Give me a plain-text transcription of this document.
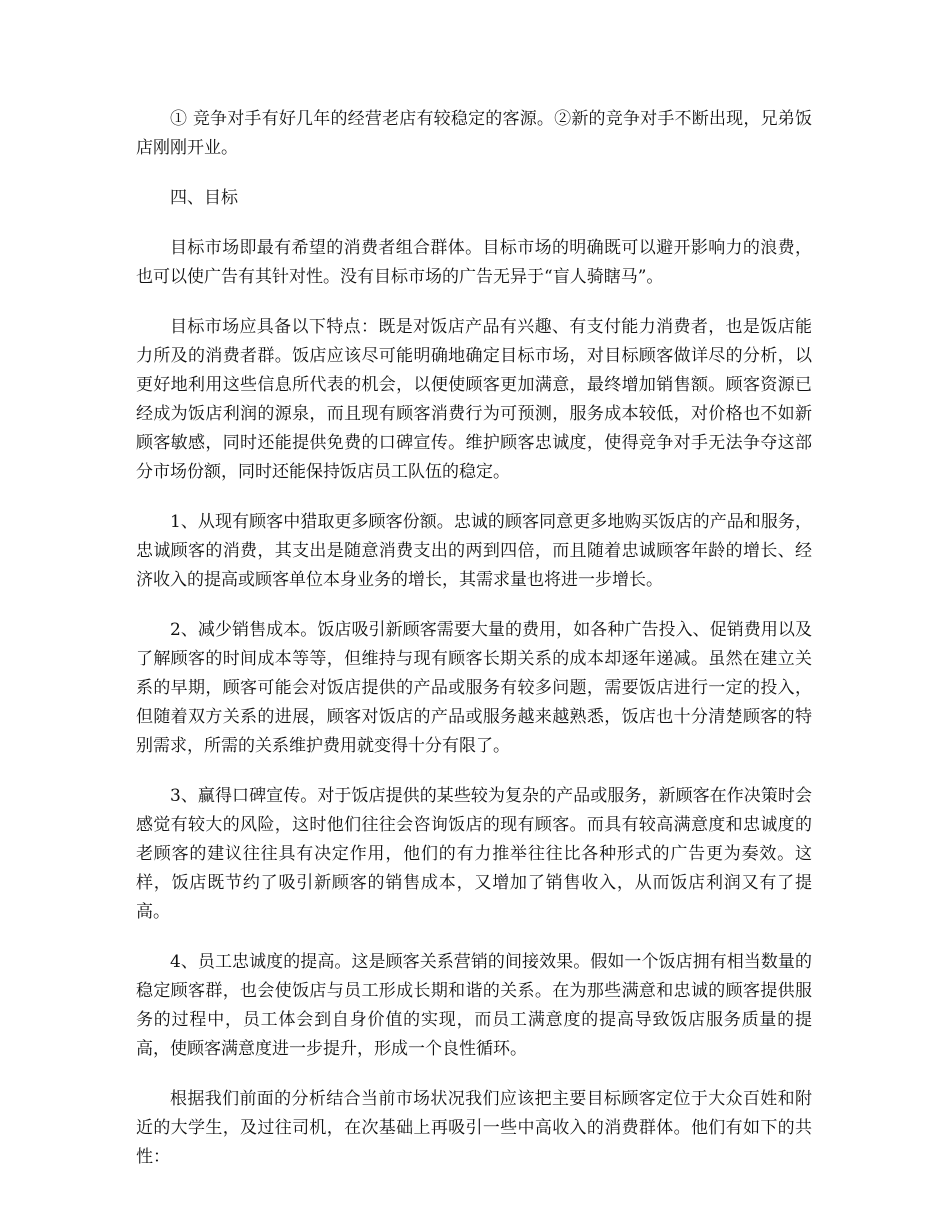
① 竞争对手有好几年的经营老店有较稳定的客源。②新的竞争对手不断出现，兄弟饭店刚刚开业。

四、目标

目标市场即最有希望的消费者组合群体。目标市场的明确既可以避开影响力的浪费，也可以使广告有其针对性。没有目标市场的广告无异于“盲人骑瞎马”。

目标市场应具备以下特点：既是对饭店产品有兴趣、有支付能力消费者，也是饭店能力所及的消费者群。饭店应该尽可能明确地确定目标市场，对目标顾客做详尽的分析，以更好地利用这些信息所代表的机会，以便使顾客更加满意，最终增加销售额。顾客资源已经成为饭店利润的源泉，而且现有顾客消费行为可预测，服务成本较低，对价格也不如新顾客敏感，同时还能提供免费的口碑宣传。维护顾客忠诚度，使得竞争对手无法争夺这部分市场份额，同时还能保持饭店员工队伍的稳定。

1、从现有顾客中猎取更多顾客份额。忠诚的顾客同意更多地购买饭店的产品和服务，忠诚顾客的消费，其支出是随意消费支出的两到四倍，而且随着忠诚顾客年龄的增长、经济收入的提高或顾客单位本身业务的增长，其需求量也将进一步增长。

2、减少销售成本。饭店吸引新顾客需要大量的费用，如各种广告投入、促销费用以及了解顾客的时间成本等等，但维持与现有顾客长期关系的成本却逐年递减。虽然在建立关系的早期，顾客可能会对饭店提供的产品或服务有较多问题，需要饭店进行一定的投入，但随着双方关系的进展，顾客对饭店的产品或服务越来越熟悉，饭店也十分清楚顾客的特别需求，所需的关系维护费用就变得十分有限了。

3、赢得口碑宣传。对于饭店提供的某些较为复杂的产品或服务，新顾客在作决策时会感觉有较大的风险，这时他们往往会咨询饭店的现有顾客。而具有较高满意度和忠诚度的老顾客的建议往往具有决定作用，他们的有力推举往往比各种形式的广告更为奏效。这样，饭店既节约了吸引新顾客的销售成本，又增加了销售收入，从而饭店利润又有了提高。

4、员工忠诚度的提高。这是顾客关系营销的间接效果。假如一个饭店拥有相当数量的稳定顾客群，也会使饭店与员工形成长期和谐的关系。在为那些满意和忠诚的顾客提供服务的过程中，员工体会到自身价值的实现，而员工满意度的提高导致饭店服务质量的提高，使顾客满意度进一步提升，形成一个良性循环。

根据我们前面的分析结合当前市场状况我们应该把主要目标顾客定位于大众百姓和附近的大学生，及过往司机，在次基础上再吸引一些中高收入的消费群体。他们有如下的共性：
